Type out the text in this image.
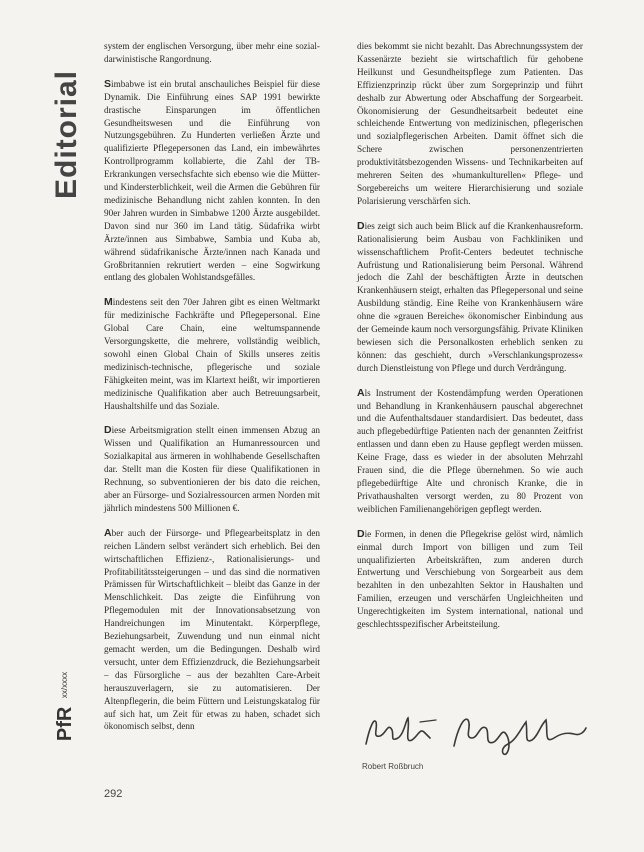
Editorial
PfR xx/xxxx

system der englischen Versorgung, über mehr eine sozial-darwinistische Rangordnung.

Simbabwe ist ein brutal anschauliches Beispiel für diese Dynamik. Die Einführung eines SAP 1991 bewirkte drastische Einsparungen im öffentlichen Gesundheitswesen und die Einführung von Nutzungsgebühren. Zu Hunderten verließen Ärzte und qualifizierte Pflegepersonen das Land, ein imbewährtes Kontrollprogramm kollabierte, die Zahl der TB-Erkrankungen versechsfachte sich ebenso wie die Mütter- und Kindersterblichkeit, weil die Armen die Gebühren für medizinische Behandlung nicht zahlen konnten. In den 90er Jahren wurden in Simbabwe 1200 Ärzte ausgebildet. Davon sind nur 360 im Land tätig. Südafrika wirbt Ärzte/innen aus Simbabwe, Sambia und Kuba ab, während südafrikanische Ärzte/innen nach Kanada und Großbritannien rekrutiert werden – eine Sogwirkung entlang des globalen Wohlstandsgefälles.

Mindestens seit den 70er Jahren gibt es einen Weltmarkt für medizinische Fachkräfte und Pflegepersonal. Eine Global Care Chain, eine weltumspannende Versorgungskette, die mehrere, vollständig weiblich, sowohl einen Global Chain of Skills unseres zeitis medizinisch-technische, pflegerische und soziale Fähigkeiten meint, was im Klartext heißt, wir importieren medizinische Qualifikation aber auch Betreuungsarbeit, Haushaltshilfe und das Soziale.

Diese Arbeitsmigration stellt einen immensen Abzug an Wissen und Qualifikation an Humanressourcen und Sozialkapital aus ärmeren in wohlhabende Gesellschaften dar. Stellt man die Kosten für diese Qualifikationen in Rechnung, so subventionieren der bis dato die reichen, aber an Fürsorge- und Sozialressourcen armen Norden mit jährlich mindestens 500 Millionen €.

Aber auch der Fürsorge- und Pflegearbeitsplatz in den reichen Ländern selbst verändert sich erheblich. Bei den wirtschaftlichen Effizienz-, Rationalisierungs- und Profitabilitätssteigerungen – und das sind die normativen Prämissen für Wirtschaftlichkeit – bleibt das Ganze in der Menschlichkeit. Das zeigte die Einführung von Pflegemodulen mit der Innovationsabsetzung von Handreichungen im Minutentakt. Körperpflege, Beziehungsarbeit, Zuwendung und nun einmal nicht gemacht werden, um die Bedingungen. Deshalb wird versucht, unter dem Effizienzdruck, die Beziehungsarbeit – das Fürsorgliche – aus der bezahlten Care-Arbeit herauszuverlagern, sie zu automatisieren. Der Altenpflegerin, die beim Füttern und Leistungskatalog für auf sich hat, um Zeit für etwas zu haben, schadet sich ökonomisch selbst, denn

dies bekommt sie nicht bezahlt. Das Abrechnungssystem der Kassenärzte bezieht sie wirtschaftlich für gehobene Heilkunst und Gesundheitspflege zum Patienten. Das Effizienzprinzip rückt über zum Sorgeprinzip und führt deshalb zur Abwertung oder Abschaffung der Sorgearbeit. Ökonomisierung der Gesundheitsarbeit bedeutet eine schleichende Entwertung von medizinischen, pflegerischen und sozialpflegerischen Arbeiten. Damit öffnet sich die Schere zwischen personenzentrierten produktivitätsbezogenden Wissens- und Technikarbeiten auf mehreren Seiten des »humankulturellen« Pflege- und Sorgebereichs um weitere Hierarchisierung und soziale Polarisierung verschärfen sich.

Dies zeigt sich auch beim Blick auf die Krankenhausreform. Rationalisierung beim Ausbau von Fachkliniken und wissenschaftlichem Profit-Centers bedeutet technische Aufrüstung und Rationalisierung beim Personal. Während jedoch die Zahl der beschäftigten Ärzte in deutschen Krankenhäusern steigt, erhalten das Pflegepersonal und seine Ausbildung ständig. Eine Reihe von Krankenhäusern wäre ohne die »grauen Bereiche« ökonomischer Einbindung aus der Gemeinde kaum noch versorgungsfähig. Private Kliniken bewiesen sich die Personalkosten erheblich senken zu können: das geschieht, durch »Verschlankungsprozess« durch Dienstleistung von Pflege und durch Verdrängung.

Als Instrument der Kostendämpfung werden Operationen und Behandlung in Krankenhäusern pauschal abgerechnet und die Aufenthaltsdauer standardisiert. Das bedeutet, dass auch pflegebedürftige Patienten nach der genannten Zeitfrist entlassen und dann eben zu Hause gepflegt werden müssen. Keine Frage, dass es wieder in der absoluten Mehrzahl Frauen sind, die die Pflege übernehmen. So wie auch pflegebedürftige Alte und chronisch Kranke, die in Privathaushalten versorgt werden, zu 80 Prozent von weiblichen Familienangehörigen gepflegt werden.

Die Formen, in denen die Pflegekrise gelöst wird, nämlich einmal durch Import von billigen und zum Teil unqualifizierten Arbeitskräften, zum anderen durch Entwertung und Verschiebung von Sorgearbeit aus dem bezahlten in den unbezahlten Sektor in Haushalten und Familien, erzeugen und verschärfen Ungleichheiten und Ungerechtigkeiten im System international, national und geschlechtsspezifischer Arbeitsteilung.

Robert Roßbruch
292
